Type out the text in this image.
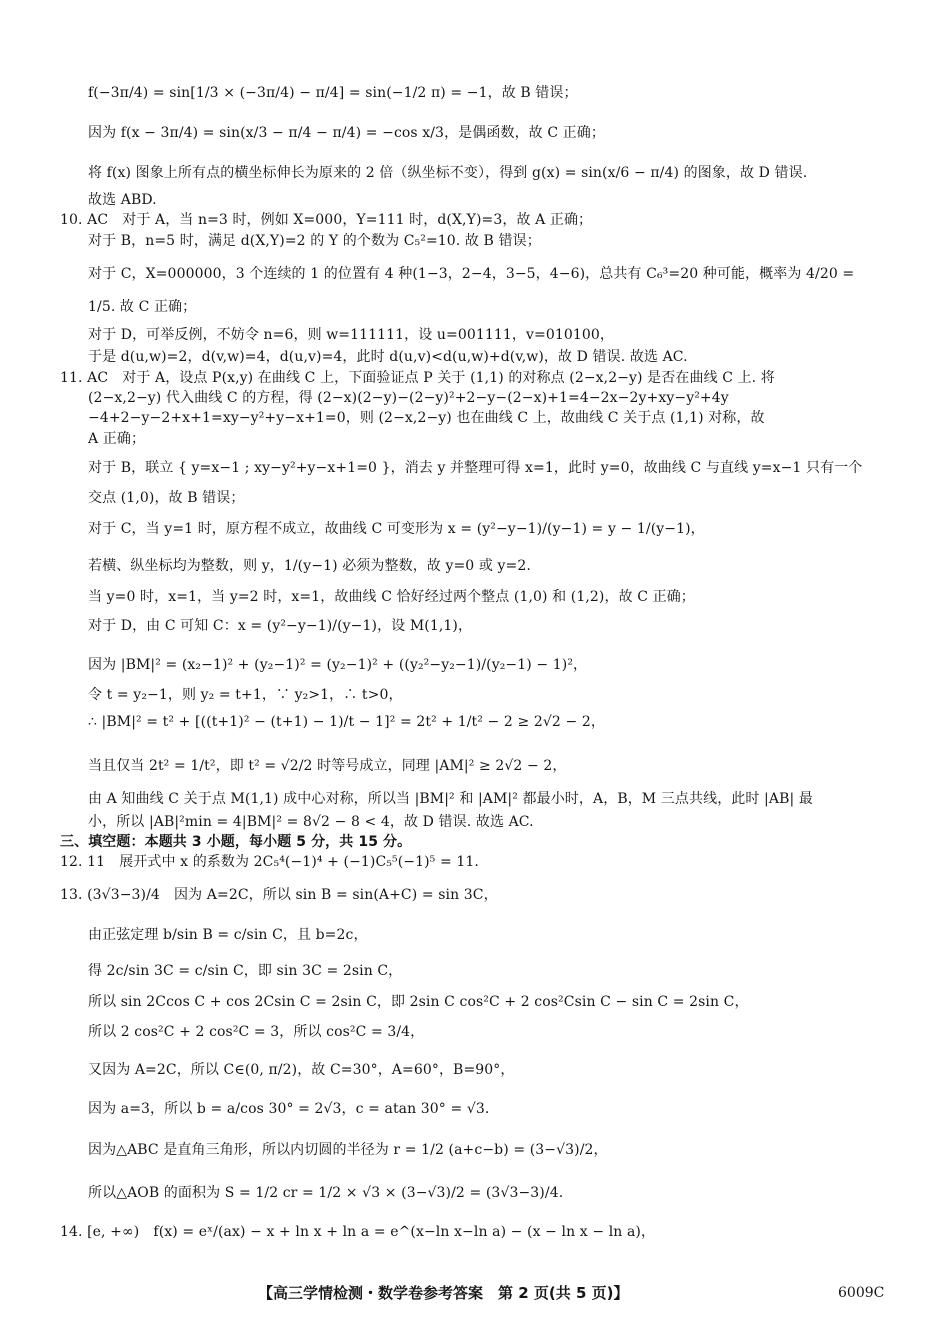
f(−3π/4) = sin[1/3 × (−3π/4) − π/4] = sin(−1/2 π) = −1，故 B 错误；
因为 f(x − 3π/4) = sin(x/3 − π/4 − π/4) = −cos x/3，是偶函数，故 C 正确；
将 f(x) 图象上所有点的横坐标伸长为原来的 2 倍（纵坐标不变），得到 g(x) = sin(x/6 − π/4) 的图象，故 D 错误.
故选 ABD.
10. AC　对于 A，当 n=3 时，例如 X=000，Y=111 时，d(X,Y)=3，故 A 正确；
对于 B，n=5 时，满足 d(X,Y)=2 的 Y 的个数为 C₅²=10. 故 B 错误；
对于 C，X=000000，3 个连续的 1 的位置有 4 种(1−3，2−4，3−5，4−6)，总共有 C₆³=20 种可能，概率为 4/20 =
1/5. 故 C 正确；
对于 D，可举反例，不妨令 n=6，则 w=111111，设 u=001111，v=010100，
于是 d(u,w)=2，d(v,w)=4，d(u,v)=4，此时 d(u,v)<d(u,w)+d(v,w)，故 D 错误. 故选 AC.
11. AC　对于 A，设点 P(x,y) 在曲线 C 上，下面验证点 P 关于 (1,1) 的对称点 (2−x,2−y) 是否在曲线 C 上. 将
(2−x,2−y) 代入曲线 C 的方程，得 (2−x)(2−y)−(2−y)²+2−y−(2−x)+1=4−2x−2y+xy−y²+4y
−4+2−y−2+x+1=xy−y²+y−x+1=0，则 (2−x,2−y) 也在曲线 C 上，故曲线 C 关于点 (1,1) 对称，故
A 正确；
对于 B，联立 { y=x−1 ; xy−y²+y−x+1=0 }，消去 y 并整理可得 x=1，此时 y=0，故曲线 C 与直线 y=x−1 只有一个
交点 (1,0)，故 B 错误；
对于 C，当 y=1 时，原方程不成立，故曲线 C 可变形为 x = (y²−y−1)/(y−1) = y − 1/(y−1)，
若横、纵坐标均为整数，则 y，1/(y−1) 必须为整数，故 y=0 或 y=2.
当 y=0 时，x=1，当 y=2 时，x=1，故曲线 C 恰好经过两个整点 (1,0) 和 (1,2)，故 C 正确；
对于 D，由 C 可知 C：x = (y²−y−1)/(y−1)，设 M(1,1)，
因为 |BM|² = (x₂−1)² + (y₂−1)² = (y₂−1)² + ((y₂²−y₂−1)/(y₂−1) − 1)²，
令 t = y₂−1，则 y₂ = t+1，∵ y₂>1，∴ t>0，
∴ |BM|² = t² + [((t+1)² − (t+1) − 1)/t − 1]² = 2t² + 1/t² − 2 ≥ 2√2 − 2，
当且仅当 2t² = 1/t²，即 t² = √2/2 时等号成立，同理 |AM|² ≥ 2√2 − 2，
由 A 知曲线 C 关于点 M(1,1) 成中心对称，所以当 |BM|² 和 |AM|² 都最小时，A，B，M 三点共线，此时 |AB| 最
小，所以 |AB|²min = 4|BM|² = 8√2 − 8 < 4，故 D 错误. 故选 AC.
三、填空题：本题共 3 小题，每小题 5 分，共 15 分。
12. 11　展开式中 x 的系数为 2C₅⁴(−1)⁴ + (−1)C₅⁵(−1)⁵ = 11.
13. (3√3−3)/4　因为 A=2C，所以 sin B = sin(A+C) = sin 3C，
由正弦定理 b/sin B = c/sin C，且 b=2c，
得 2c/sin 3C = c/sin C，即 sin 3C = 2sin C，
所以 sin 2Ccos C + cos 2Csin C = 2sin C，即 2sin C cos²C + 2 cos²Csin C − sin C = 2sin C，
所以 2 cos²C + 2 cos²C = 3，所以 cos²C = 3/4，
又因为 A=2C，所以 C∈(0, π/2)，故 C=30°，A=60°，B=90°，
因为 a=3，所以 b = a/cos 30° = 2√3，c = atan 30° = √3.
因为△ABC 是直角三角形，所以内切圆的半径为 r = 1/2 (a+c−b) = (3−√3)/2，
所以△AOB 的面积为 S = 1/2 cr = 1/2 × √3 × (3−√3)/2 = (3√3−3)/4.
14. [e, +∞)　f(x) = eˣ/(ax) − x + ln x + ln a = e^(x−ln x−ln a) − (x − ln x − ln a)，
【高三学情检测・数学卷参考答案　第 2 页(共 5 页)】	6009C
